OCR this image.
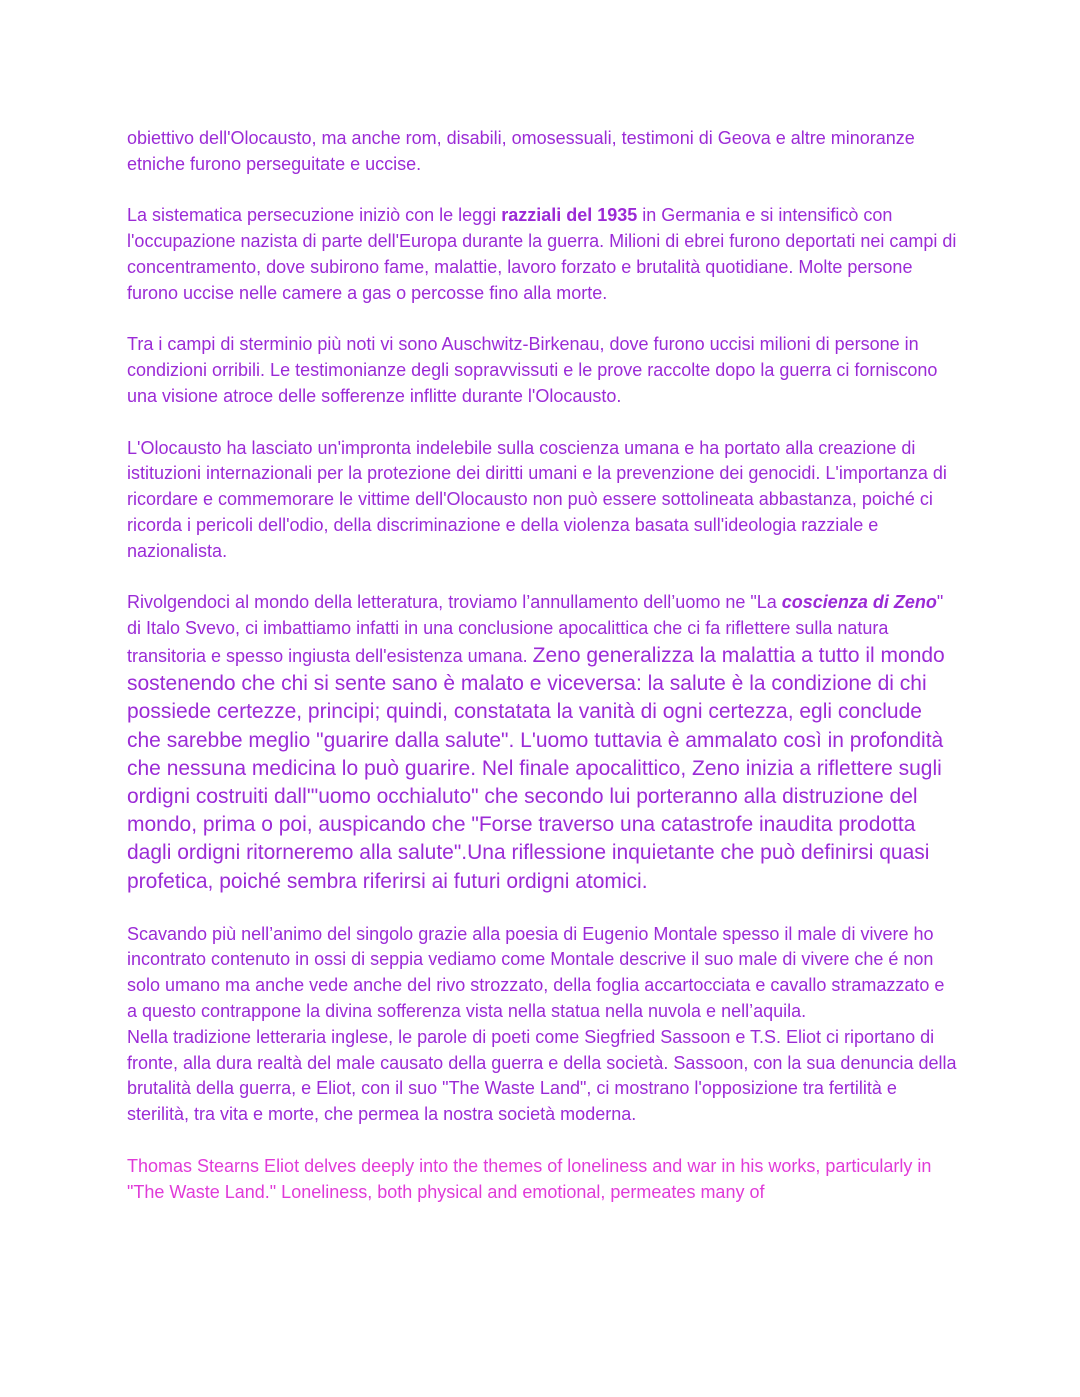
obiettivo dell'Olocausto, ma anche rom, disabili, omosessuali, testimoni di Geova e altre minoranze etniche furono perseguitate e uccise.

La sistematica persecuzione iniziò con le leggi razziali del 1935 in Germania e si intensificò con l'occupazione nazista di parte dell'Europa durante la guerra. Milioni di ebrei furono deportati nei campi di concentramento, dove subirono fame, malattie, lavoro forzato e brutalità quotidiane. Molte persone furono uccise nelle camere a gas o percosse fino alla morte.

Tra i campi di sterminio più noti vi sono Auschwitz-Birkenau, dove furono uccisi milioni di persone in condizioni orribili. Le testimonianze degli sopravvissuti e le prove raccolte dopo la guerra ci forniscono una visione atroce delle sofferenze inflitte durante l'Olocausto.

L'Olocausto ha lasciato un'impronta indelebile sulla coscienza umana e ha portato alla creazione di istituzioni internazionali per la protezione dei diritti umani e la prevenzione dei genocidi. L'importanza di ricordare e commemorare le vittime dell'Olocausto non può essere sottolineata abbastanza, poiché ci ricorda i pericoli dell'odio, della discriminazione e della violenza basata sull'ideologia razziale e nazionalista.

Rivolgendoci al mondo della letteratura, troviamo l’annullamento dell’uomo ne "La coscienza di Zeno" di Italo Svevo, ci imbattiamo infatti in una conclusione apocalittica che ci fa riflettere sulla natura transitoria e spesso ingiusta dell'esistenza umana. Zeno generalizza la malattia a tutto il mondo sostenendo che chi si sente sano è malato e viceversa: la salute è la condizione di chi possiede certezze, principi; quindi, constatata la vanità di ogni certezza, egli conclude che sarebbe meglio "guarire dalla salute". L'uomo tuttavia è ammalato così in profondità che nessuna medicina lo può guarire. Nel finale apocalittico, Zeno inizia a riflettere sugli ordigni costruiti dall'"uomo occhialuto" che secondo lui porteranno alla distruzione del mondo, prima o poi, auspicando che "Forse traverso una catastrofe inaudita prodotta dagli ordigni ritorneremo alla salute".Una riflessione inquietante che può definirsi quasi profetica, poiché sembra riferirsi ai futuri ordigni atomici.

Scavando più nell’animo del singolo grazie alla poesia di Eugenio Montale spesso il male di vivere ho incontrato contenuto in ossi di seppia vediamo come Montale descrive il suo male di vivere che é non solo umano ma anche vede anche del rivo strozzato, della foglia accartocciata e cavallo stramazzato e a questo contrappone la divina sofferenza vista nella statua nella nuvola e nell’aquila.

Nella tradizione letteraria inglese, le parole di poeti come Siegfried Sassoon e T.S. Eliot ci riportano di fronte, alla dura realtà del male causato della guerra e della società. Sassoon, con la sua denuncia della brutalità della guerra, e Eliot, con il suo "The Waste Land", ci mostrano l'opposizione tra fertilità e sterilità, tra vita e morte, che permea la nostra società moderna.

Thomas Stearns Eliot delves deeply into the themes of loneliness and war in his works, particularly in "The Waste Land." Loneliness, both physical and emotional, permeates many of
